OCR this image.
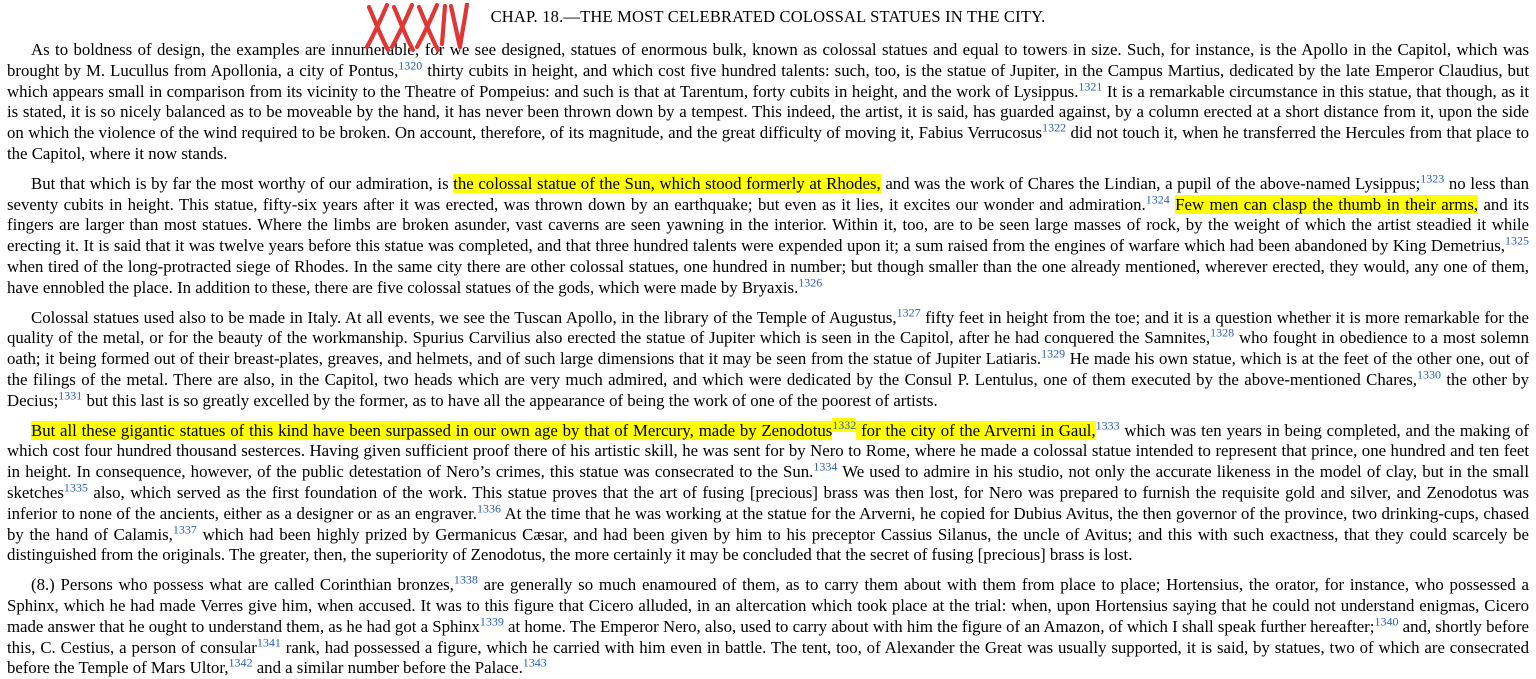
CHAP. 18.—THE MOST CELEBRATED COLOSSAL STATUES IN THE CITY.

As to boldness of design, the examples are innumerable; for we see designed, statues of enormous bulk, known as colossal statues and equal to towers in size. Such, for instance, is the Apollo in the Capitol, which was brought by M. Lucullus from Apollonia, a city of Pontus,$^{1320}$ thirty cubits in height, and which cost five hundred talents: such, too, is the statue of Jupiter, in the Campus Martius, dedicated by the late Emperor Claudius, but which appears small in comparison from its vicinity to the Theatre of Pompeius: and such is that at Tarentum, forty cubits in height, and the work of Lysippus.$^{1321}$ It is a remarkable circumstance in this statue, that though, as it is stated, it is so nicely balanced as to be moveable by the hand, it has never been thrown down by a tempest. This indeed, the artist, it is said, has guarded against, by a column erected at a short distance from it, upon the side on which the violence of the wind required to be broken. On account, therefore, of its magnitude, and the great difficulty of moving it, Fabius Verrucosus$^{1322}$ did not touch it, when he transferred the Hercules from that place to the Capitol, where it now stands.

But that which is by far the most worthy of our admiration, is the colossal statue of the Sun, which stood formerly at Rhodes, and was the work of Chares the Lindian, a pupil of the above-named Lysippus;$^{1323}$ no less than seventy cubits in height. This statue, fifty-six years after it was erected, was thrown down by an earthquake; but even as it lies, it excites our wonder and admiration.$^{1324}$ Few men can clasp the thumb in their arms, and its fingers are larger than most statues. Where the limbs are broken asunder, vast caverns are seen yawning in the interior. Within it, too, are to be seen large masses of rock, by the weight of which the artist steadied it while erecting it. It is said that it was twelve years before this statue was completed, and that three hundred talents were expended upon it; a sum raised from the engines of warfare which had been abandoned by King Demetrius,$^{1325}$ when tired of the long-protracted siege of Rhodes. In the same city there are other colossal statues, one hundred in number; but though smaller than the one already mentioned, wherever erected, they would, any one of them, have ennobled the place. In addition to these, there are five colossal statues of the gods, which were made by Bryaxis.$^{1326}$

Colossal statues used also to be made in Italy. At all events, we see the Tuscan Apollo, in the library of the Temple of Augustus,$^{1327}$ fifty feet in height from the toe; and it is a question whether it is more remarkable for the quality of the metal, or for the beauty of the workmanship. Spurius Carvilius also erected the statue of Jupiter which is seen in the Capitol, after he had conquered the Samnites,$^{1328}$ who fought in obedience to a most solemn oath; it being formed out of their breast-plates, greaves, and helmets, and of such large dimensions that it may be seen from the statue of Jupiter Latiaris.$^{1329}$ He made his own statue, which is at the feet of the other one, out of the filings of the metal. There are also, in the Capitol, two heads which are very much admired, and which were dedicated by the Consul P. Lentulus, one of them executed by the above-mentioned Chares,$^{1330}$ the other by Decius;$^{1331}$ but this last is so greatly excelled by the former, as to have all the appearance of being the work of one of the poorest of artists.

But all these gigantic statues of this kind have been surpassed in our own age by that of Mercury, made by Zenodotus$^{1332}$ for the city of the Arverni in Gaul,$^{1333}$ which was ten years in being completed, and the making of which cost four hundred thousand sesterces. Having given sufficient proof there of his artistic skill, he was sent for by Nero to Rome, where he made a colossal statue intended to represent that prince, one hundred and ten feet in height. In consequence, however, of the public detestation of Nero’s crimes, this statue was consecrated to the Sun.$^{1334}$ We used to admire in his studio, not only the accurate likeness in the model of clay, but in the small sketches$^{1335}$ also, which served as the first foundation of the work. This statue proves that the art of fusing [precious] brass was then lost, for Nero was prepared to furnish the requisite gold and silver, and Zenodotus was inferior to none of the ancients, either as a designer or as an engraver.$^{1336}$ At the time that he was working at the statue for the Arverni, he copied for Dubius Avitus, the then governor of the province, two drinking-cups, chased by the hand of Calamis,$^{1337}$ which had been highly prized by Germanicus Cæsar, and had been given by him to his preceptor Cassius Silanus, the uncle of Avitus; and this with such exactness, that they could scarcely be distinguished from the originals. The greater, then, the superiority of Zenodotus, the more certainly it may be concluded that the secret of fusing [precious] brass is lost.

(8.) Persons who possess what are called Corinthian bronzes,$^{1338}$ are generally so much enamoured of them, as to carry them about with them from place to place; Hortensius, the orator, for instance, who possessed a Sphinx, which he had made Verres give him, when accused. It was to this figure that Cicero alluded, in an altercation which took place at the trial: when, upon Hortensius saying that he could not understand enigmas, Cicero made answer that he ought to understand them, as he had got a Sphinx$^{1339}$ at home. The Emperor Nero, also, used to carry about with him the figure of an Amazon, of which I shall speak further hereafter;$^{1340}$ and, shortly before this, C. Cestius, a person of consular$^{1341}$ rank, had possessed a figure, which he carried with him even in battle. The tent, too, of Alexander the Great was usually supported, it is said, by statues, two of which are consecrated before the Temple of Mars Ultor,$^{1342}$ and a similar number before the Palace.$^{1343}$
